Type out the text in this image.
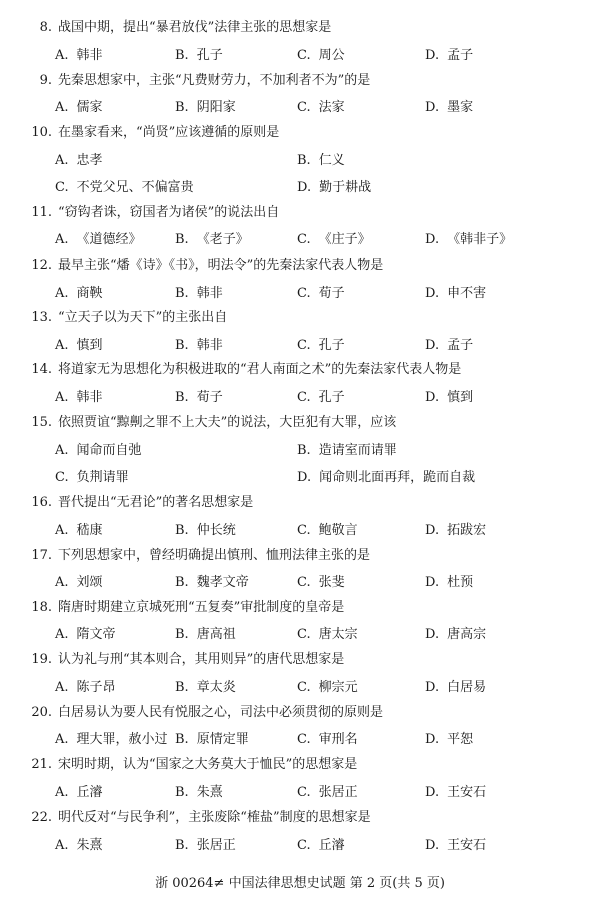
8. 战国中期，提出“暴君放伐”法律主张的思想家是
A. 韩非	B. 孔子	C. 周公	D. 孟子
9. 先秦思想家中，主张“凡费财劳力，不加利者不为”的是
A. 儒家	B. 阴阳家	C. 法家	D. 墨家
10. 在墨家看来，“尚贤”应该遵循的原则是
A. 忠孝	B. 仁义
C. 不党父兄、不偏富贵	D. 勤于耕战
11. “窃钩者诛，窃国者为诸侯”的说法出自
A. 《道德经》	B. 《老子》	C. 《庄子》	D. 《韩非子》
12. 最早主张“燔《诗》《书》，明法令”的先秦法家代表人物是
A. 商鞅	B. 韩非	C. 荀子	D. 申不害
13. “立天子以为天下”的主张出自
A. 慎到	B. 韩非	C. 孔子	D. 孟子
14. 将道家无为思想化为积极进取的“君人南面之术”的先秦法家代表人物是
A. 韩非	B. 荀子	C. 孔子	D. 慎到
15. 依照贾谊“黥劓之罪不上大夫”的说法，大臣犯有大罪，应该
A. 闻命而自弛	B. 造请室而请罪
C. 负荆请罪	D. 闻命则北面再拜，跪而自裁
16. 晋代提出“无君论”的著名思想家是
A. 嵇康	B. 仲长统	C. 鲍敬言	D. 拓跋宏
17. 下列思想家中，曾经明确提出慎刑、恤刑法律主张的是
A. 刘颂	B. 魏孝文帝	C. 张斐	D. 杜预
18. 隋唐时期建立京城死刑“五复奏”审批制度的皇帝是
A. 隋文帝	B. 唐高祖	C. 唐太宗	D. 唐高宗
19. 认为礼与刑“其本则合，其用则异”的唐代思想家是
A. 陈子昂	B. 章太炎	C. 柳宗元	D. 白居易
20. 白居易认为要人民有悦服之心，司法中必须贯彻的原则是
A. 理大罪，赦小过 B. 原情定罪	C. 审刑名	D. 平恕
21. 宋明时期，认为“国家之大务莫大于恤民”的思想家是
A. 丘濬	B. 朱熹	C. 张居正	D. 王安石
22. 明代反对“与民争利”，主张废除“榷盐”制度的思想家是
A. 朱熹	B. 张居正	C. 丘濬	D. 王安石
浙 00264≠ 中国法律思想史试题 第 2 页(共 5 页)
